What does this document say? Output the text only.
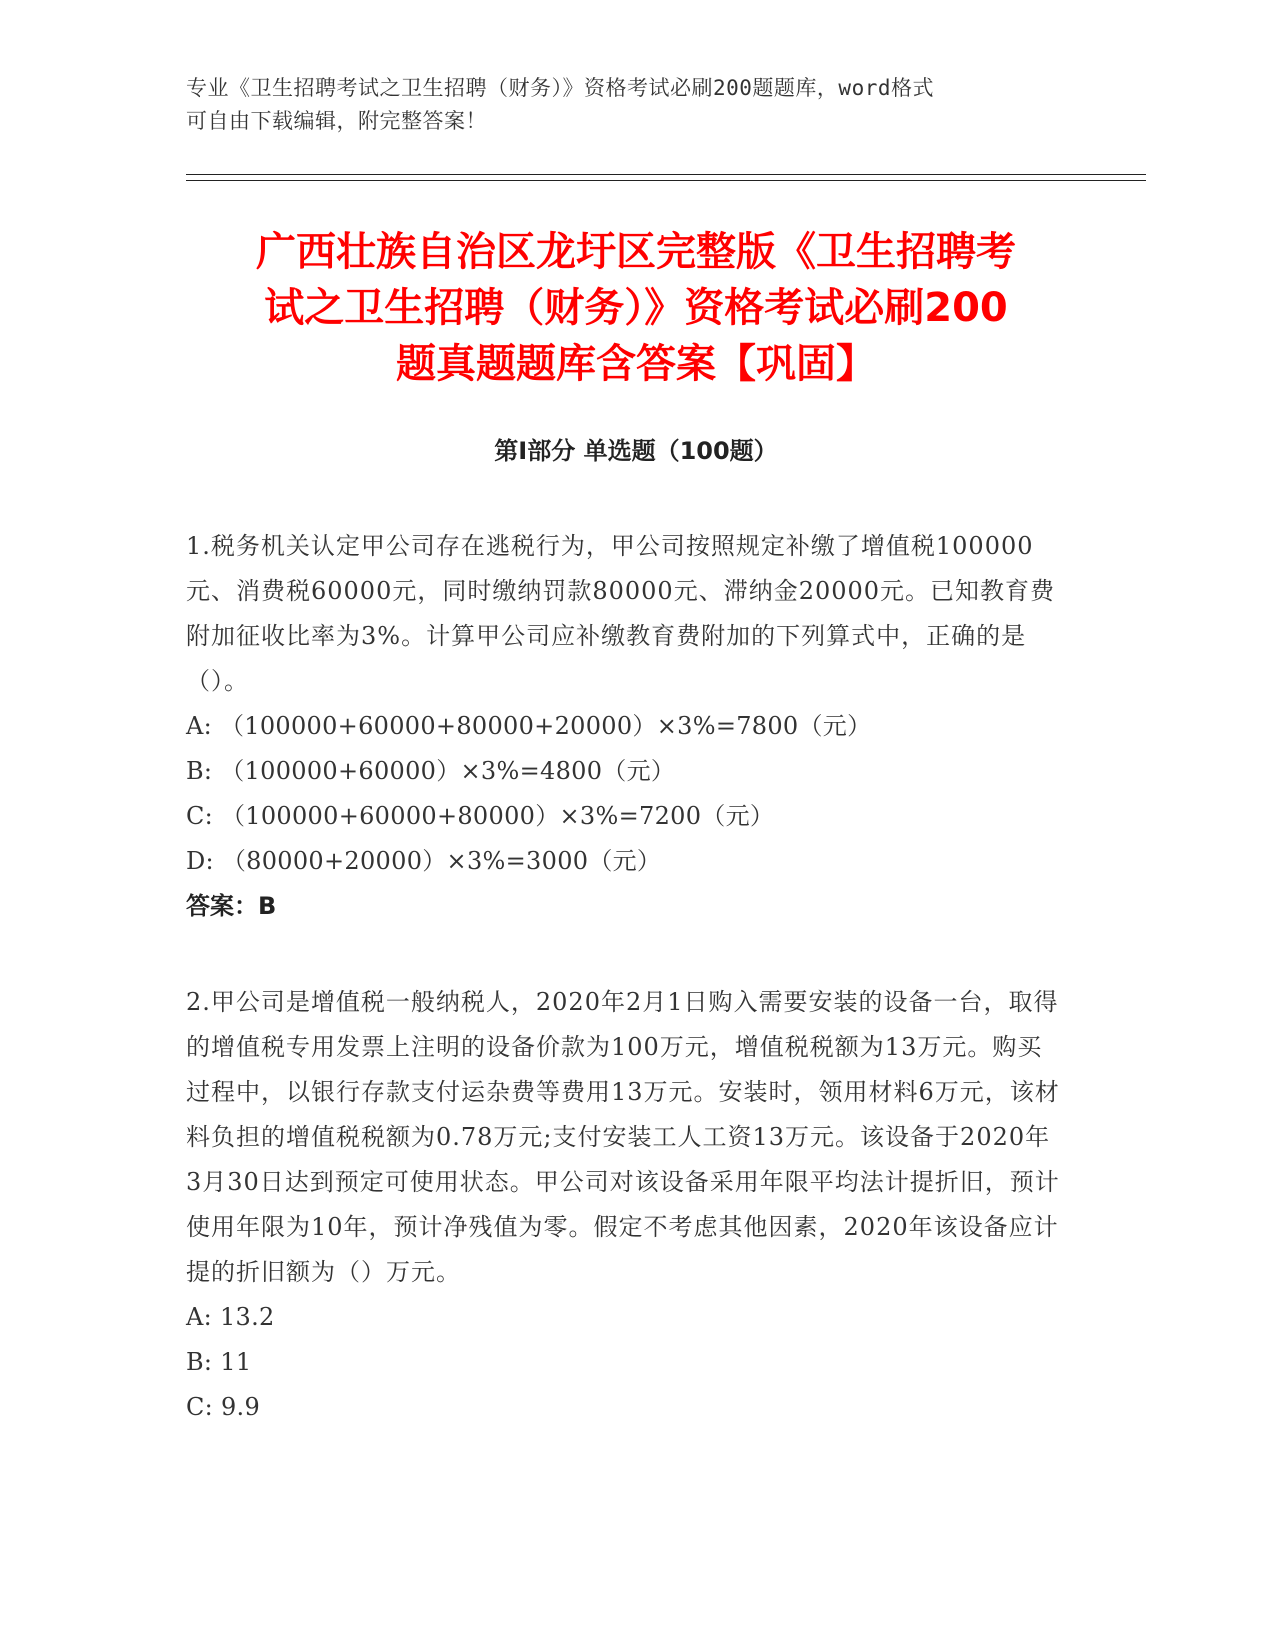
专业《卫生招聘考试之卫生招聘（财务）》资格考试必刷200题题库，word格式
可自由下载编辑，附完整答案！
广西壮族自治区龙圩区完整版《卫生招聘考
试之卫生招聘（财务）》资格考试必刷200
题真题题库含答案【巩固】
第Ⅰ部分 单选题（100题）

1.税务机关认定甲公司存在逃税行为，甲公司按照规定补缴了增值税100000元、消费税60000元，同时缴纳罚款80000元、滞纳金20000元。已知教育费附加征收比率为3%。计算甲公司应补缴教育费附加的下列算式中，正确的是（）。

A: （100000+60000+80000+20000）×3%=7800（元）

B: （100000+60000）×3%=4800（元）

C: （100000+60000+80000）×3%=7200（元）

D: （80000+20000）×3%=3000（元）

答案：B

2.甲公司是增值税一般纳税人，2020年2月1日购入需要安装的设备一台，取得的增值税专用发票上注明的设备价款为100万元，增值税税额为13万元。购买过程中，以银行存款支付运杂费等费用13万元。安装时，领用材料6万元，该材料负担的增值税税额为0.78万元;支付安装工人工资13万元。该设备于2020年3月30日达到预定可使用状态。甲公司对该设备采用年限平均法计提折旧，预计使用年限为10年，预计净残值为零。假定不考虑其他因素，2020年该设备应计提的折旧额为（）万元。

A: 13.2

B: 11

C: 9.9
